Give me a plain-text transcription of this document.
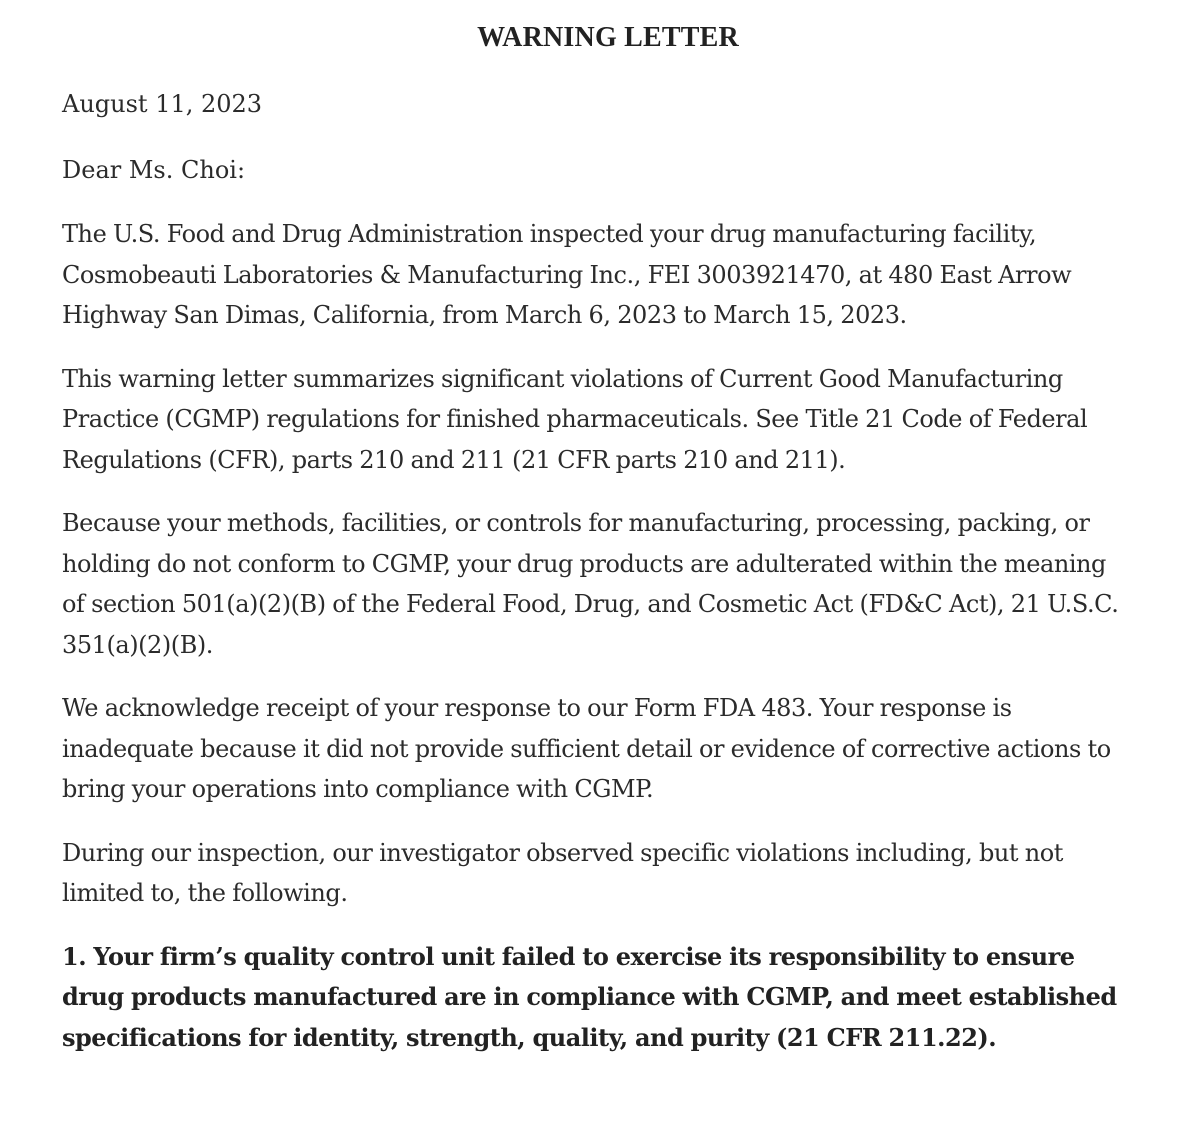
WARNING LETTER

August 11, 2023

Dear Ms. Choi:

The U.S. Food and Drug Administration inspected your drug manufacturing facility, Cosmobeauti Laboratories & Manufacturing Inc., FEI 3003921470, at 480 East Arrow Highway San Dimas, California, from March 6, 2023 to March 15, 2023.

This warning letter summarizes significant violations of Current Good Manufacturing Practice (CGMP) regulations for finished pharmaceuticals. See Title 21 Code of Federal Regulations (CFR), parts 210 and 211 (21 CFR parts 210 and 211).

Because your methods, facilities, or controls for manufacturing, processing, packing, or holding do not conform to CGMP, your drug products are adulterated within the meaning of section 501(a)(2)(B) of the Federal Food, Drug, and Cosmetic Act (FD&C Act), 21 U.S.C. 351(a)(2)(B).

We acknowledge receipt of your response to our Form FDA 483. Your response is inadequate because it did not provide sufficient detail or evidence of corrective actions to bring your operations into compliance with CGMP.

During our inspection, our investigator observed specific violations including, but not limited to, the following.

1. Your firm’s quality control unit failed to exercise its responsibility to ensure drug products manufactured are in compliance with CGMP, and meet established specifications for identity, strength, quality, and purity (21 CFR 211.22).
